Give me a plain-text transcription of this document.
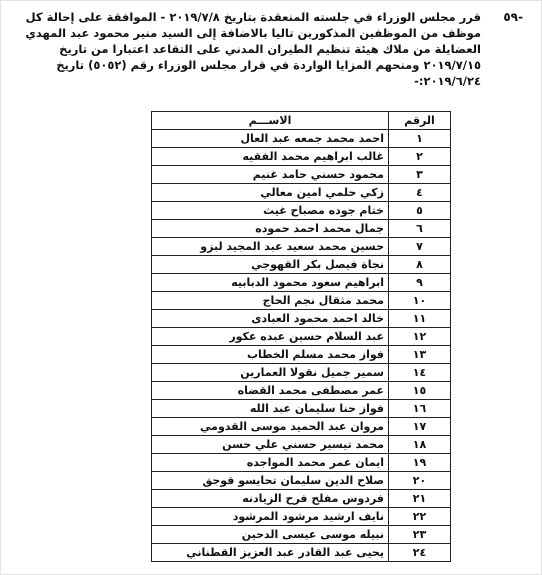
-٥٩
قرر مجلس الوزراء في جلسته المنعقدة بتاريخ ٢٠١٩/٧/٨ - الموافقة على إحالة كل
موظف من الموظفين المذكورين تاليا بالاضافة إلى السيد منير محمود عبد المهدي
العضايلة من ملاك هيئة تنظيم الطيران المدني على التقاعد اعتبارا من تاريخ
٢٠١٩/٧/١٥ ومنحهم المزايا الواردة في قرار مجلس الوزراء رقم (٥٠٥٢) تاريخ
٢٠١٩/٦/٢٤:-
الرقم	الاســـم
١	احمد محمد جمعه عبد العال
٢	غالب ابراهيم محمد الفقيه
٣	محمود حسني حامد غنيم
٤	زكي حلمي امين معالي
٥	ختام جوده مصباح غيث
٦	جمال محمد احمد حموده
٧	حسين محمد سعيد عبد المجيد لبزو
٨	نجاة فيصل بكر القهوجي
٩	ابراهيم سعود محمود الدبابيه
١٠	محمد مثقال نجم الحاج
١١	خالد احمد محمود العبادى
١٢	عبد السلام حسين عبده عكور
١٣	فواز محمد مسلم الخطاب
١٤	سمير جميل نقولا العمارين
١٥	عمر مصطفى محمد القضاه
١٦	فواز حنا سليمان عبد الله
١٧	مروان عبد الحميد موسى القدومي
١٨	محمد تيسير حسني علي حسن
١٩	ايمان عمر محمد المواجده
٢٠	صلاح الدين سليمان تحايسو قوجق
٢١	فردوس مفلح فرح الزيادنه
٢٢	نايف ارشيد مرشود المرشود
٢٣	نبيله موسى عيسى الدحين
٢٤	يحيى عبد القادر عبد العزيز القطناني
